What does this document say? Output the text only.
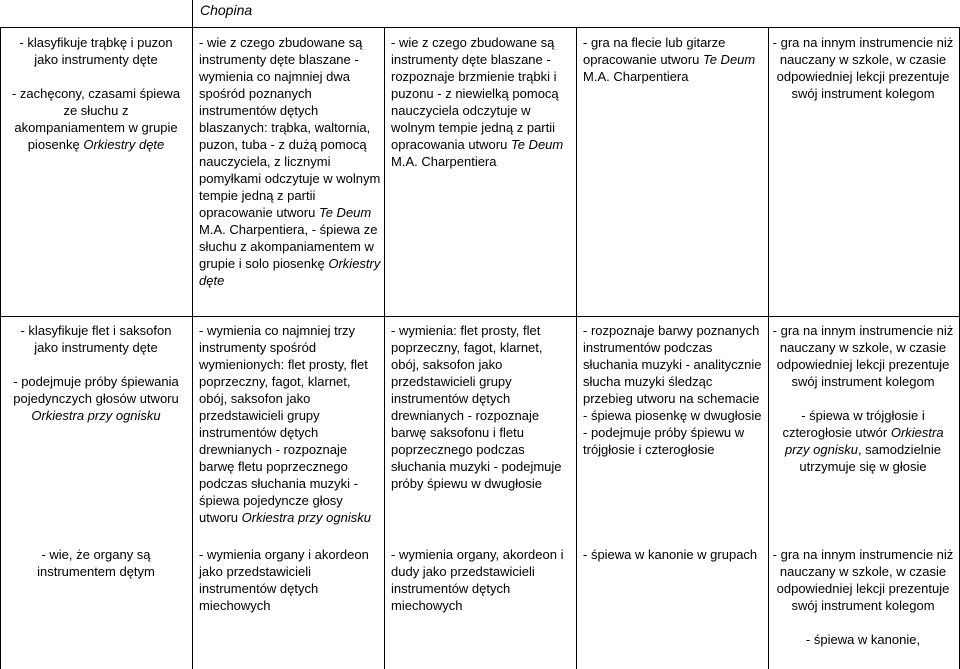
Chopina

- klasyfikuje trąbkę i puzon jako instrumenty dęte

- zachęcony, czasami śpiewa ze słuchu z akompaniamentem w grupie piosenkę Orkiestry dęte

- wie z czego zbudowane są instrumenty dęte blaszane - wymienia co najmniej dwa spośród poznanych instrumentów dętych blaszanych: trąbka, waltornia, puzon, tuba - z dużą pomocą nauczyciela, z licznymi pomyłkami odczytuje w wolnym tempie jedną z partii opracowanie utworu Te Deum M.A. Charpentiera, - śpiewa ze słuchu z akompaniamentem w grupie i solo piosenkę Orkiestry dęte

- wie z czego zbudowane są instrumenty dęte blaszane - rozpoznaje brzmienie trąbki i puzonu - z niewielką pomocą nauczyciela odczytuje w wolnym tempie jedną z partii opracowania utworu Te Deum M.A. Charpentiera

- gra na flecie lub gitarze opracowanie utworu Te Deum M.A. Charpentiera

- gra na innym instrumencie niż nauczany w szkole, w czasie odpowiedniej lekcji prezentuje swój instrument kolegom

- klasyfikuje flet i saksofon jako instrumenty dęte

- podejmuje próby śpiewania pojedynczych głosów utworu Orkiestra przy ognisku

- wymienia co najmniej trzy instrumenty spośród wymienionych: flet prosty, flet poprzeczny, fagot, klarnet, obój, saksofon jako przedstawicieli grupy instrumentów dętych drewnianych - rozpoznaje barwę fletu poprzecznego podczas słuchania muzyki - śpiewa pojedyncze głosy utworu Orkiestra przy ognisku

- wymienia: flet prosty, flet poprzeczny, fagot, klarnet, obój, saksofon jako przedstawicieli grupy instrumentów dętych drewnianych - rozpoznaje barwę saksofonu i fletu poprzecznego podczas słuchania muzyki - podejmuje próby śpiewu w dwugłosie

- rozpoznaje barwy poznanych instrumentów podczas słuchania muzyki - analitycznie słucha muzyki śledząc przebieg utworu na schemacie - śpiewa piosenkę w dwugłosie - podejmuje próby śpiewu w trójgłosie i czterogłosie

- gra na innym instrumencie niż nauczany w szkole, w czasie odpowiedniej lekcji prezentuje swój instrument kolegom

- śpiewa w trójgłosie i czterogłosie utwór Orkiestra przy ognisku, samodzielnie utrzymuje się w głosie

- wie, że organy są instrumentem dętym

- wymienia organy i akordeon jako przedstawicieli instrumentów dętych miechowych

- wymienia organy, akordeon i dudy jako przedstawicieli instrumentów dętych miechowych

- śpiewa w kanonie w grupach	- gra na innym instrumencie niż nauczany w szkole, w czasie odpowiedniej lekcji prezentuje swój instrument kolegom

- śpiewa w kanonie,
